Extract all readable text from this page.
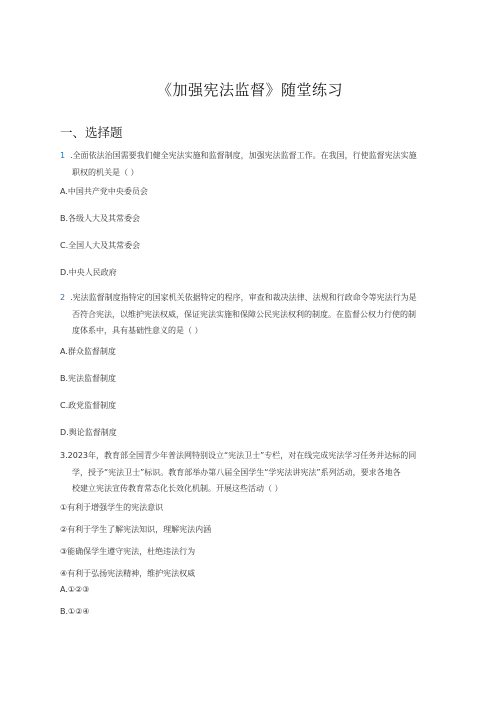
《加强宪法监督》随堂练习
一、选择题
1 .全面依法治国需要我们健全宪法实施和监督制度，加强宪法监督工作。在我国，行使监督宪法实施
职权的机关是（ ）
A.中国共产党中央委员会
B.各级人大及其常委会
C.全国人大及其常委会
D.中央人民政府
2 .宪法监督制度指特定的国家机关依据特定的程序，审查和裁决法律、法规和行政命令等宪法行为是
否符合宪法，以维护宪法权威，保证宪法实施和保障公民宪法权利的制度。在监督公权力行使的制
度体系中，具有基础性意义的是（ ）
A.群众监督制度
B.宪法监督制度
C.政党监督制度
D.舆论监督制度
3.2023年，教育部全国青少年普法网特别设立“宪法卫士”专栏，对在线完成宪法学习任务并达标的同
学，授予“宪法卫士”标识。教育部举办第八届全国学生“学宪法讲宪法”系列活动，要求各地各
校建立宪法宣传教育常态化长效化机制。开展这些活动（ ）
①有利于增强学生的宪法意识
②有利于学生了解宪法知识，理解宪法内涵
③能确保学生遵守宪法，杜绝违法行为
④有利于弘扬宪法精神，维护宪法权威
A.①②③
B.①②④
